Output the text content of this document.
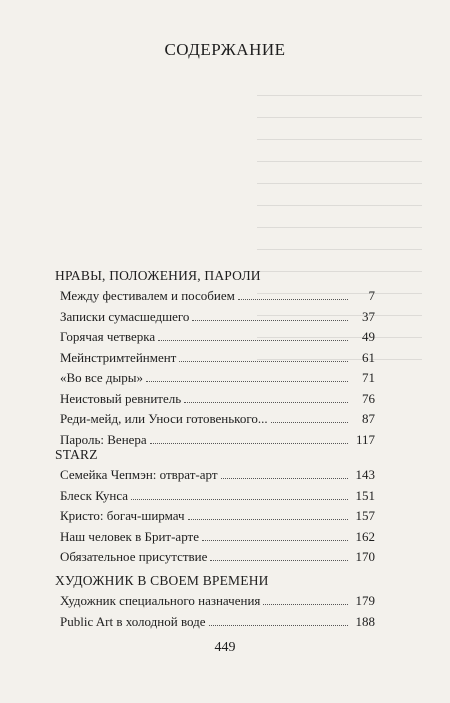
СОДЕРЖАНИЕ
НРАВЫ, ПОЛОЖЕНИЯ, ПАРОЛИ
Между фестивалем и пособием	7
Записки сумасшедшего	37
Горячая четверка	49
Мейнстримтейнмент	61
«Во все дыры»	71
Неистовый ревнитель	76
Реди-мейд, или Уноси готовенького...	87
Пароль: Венера	117
STARZ
Семейка Чепмэн: отврат-арт	143
Блеск Кунса	151
Кристо: богач-ширмач	157
Наш человек в Брит-арте	162
Обязательное присутствие	170
ХУДОЖНИК В СВОЕМ ВРЕМЕНИ
Художник специального назначения	179
Public Art в холодной воде	188
449
